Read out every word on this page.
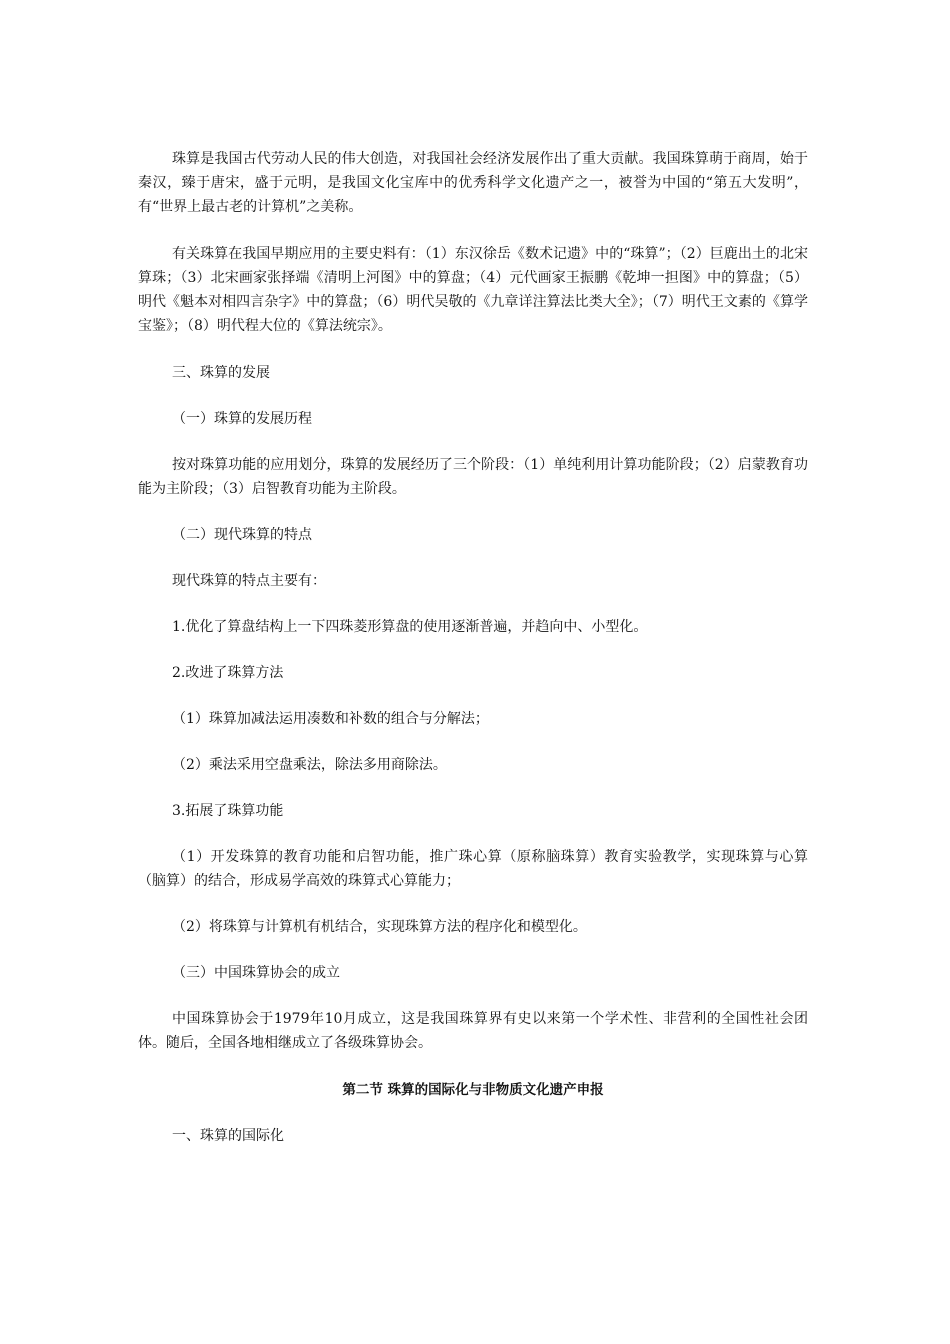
珠算是我国古代劳动人民的伟大创造，对我国社会经济发展作出了重大贡献。我国珠算萌于商周，始于秦汉，臻于唐宋，盛于元明，是我国文化宝库中的优秀科学文化遗产之一，被誉为中国的“第五大发明”，有“世界上最古老的计算机”之美称。

有关珠算在我国早期应用的主要史料有：（1）东汉徐岳《数术记遗》中的“珠算”；（2）巨鹿出土的北宋算珠；（3）北宋画家张择端《清明上河图》中的算盘；（4）元代画家王振鹏《乾坤一担图》中的算盘；（5）明代《魁本对相四言杂字》中的算盘；（6）明代吴敬的《九章详注算法比类大全》；（7）明代王文素的《算学宝鉴》；（8）明代程大位的《算法统宗》。

三、珠算的发展

（一）珠算的发展历程

按对珠算功能的应用划分，珠算的发展经历了三个阶段：（1）单纯利用计算功能阶段；（2）启蒙教育功能为主阶段；（3）启智教育功能为主阶段。

（二）现代珠算的特点

现代珠算的特点主要有：

1.优化了算盘结构上一下四珠菱形算盘的使用逐渐普遍，并趋向中、小型化。

2.改进了珠算方法

（1）珠算加减法运用凑数和补数的组合与分解法；

（2）乘法采用空盘乘法，除法多用商除法。

3.拓展了珠算功能

（1）开发珠算的教育功能和启智功能，推广珠心算（原称脑珠算）教育实验教学，实现珠算与心算（脑算）的结合，形成易学高效的珠算式心算能力；

（2）将珠算与计算机有机结合，实现珠算方法的程序化和模型化。

（三）中国珠算协会的成立

中国珠算协会于1979年10月成立，这是我国珠算界有史以来第一个学术性、非营利的全国性社会团体。随后，全国各地相继成立了各级珠算协会。

第二节 珠算的国际化与非物质文化遗产申报

一、珠算的国际化
